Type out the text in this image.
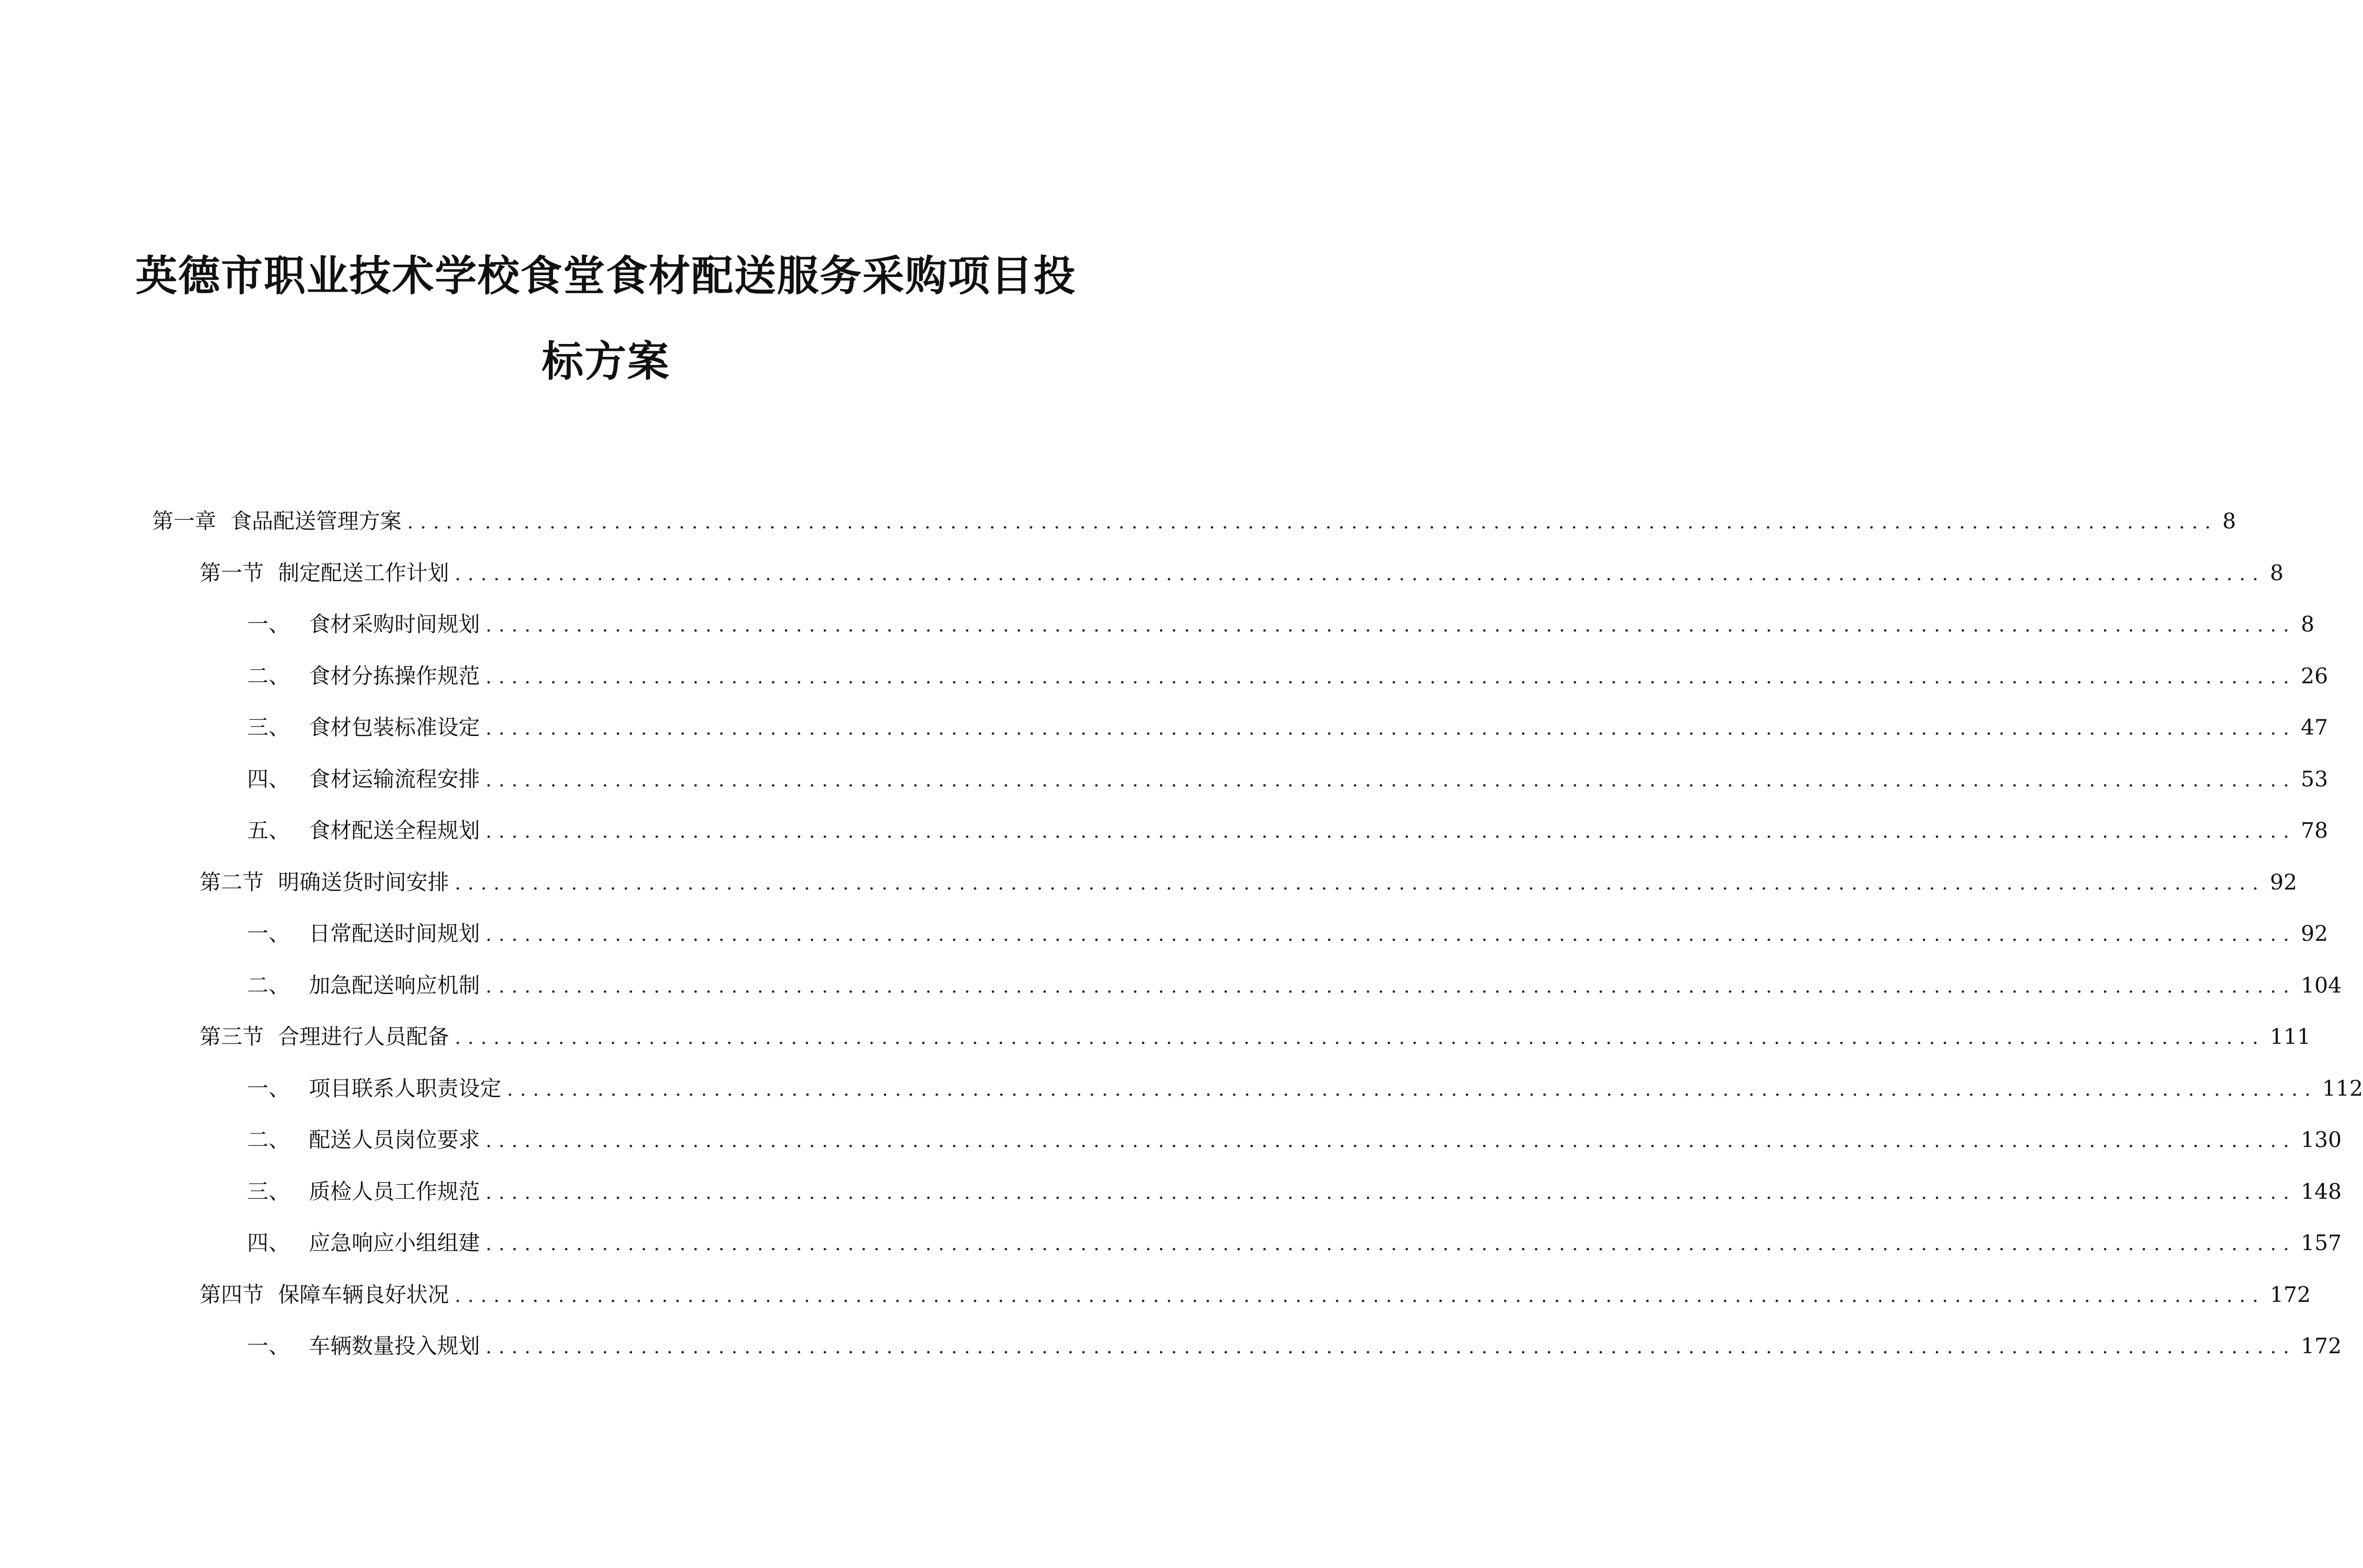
英德市职业技术学校食堂食材配送服务采购项目投
标方案
第一章 食品配送管理方案 ............................................................................................................................................ 8
第一节 制定配送工作计划 ............................................................................................................................................ 8
一、 食材采购时间规划 ............................................................................................................................................ 8
二、 食材分拣操作规范 ............................................................................................................................................ 26
三、 食材包装标准设定 ............................................................................................................................................ 47
四、 食材运输流程安排 ............................................................................................................................................ 53
五、 食材配送全程规划 ............................................................................................................................................ 78
第二节 明确送货时间安排 ............................................................................................................................................ 92
一、 日常配送时间规划 ............................................................................................................................................ 92
二、 加急配送响应机制 ............................................................................................................................................ 104
第三节 合理进行人员配备 ............................................................................................................................................ 111
一、 项目联系人职责设定 ............................................................................................................................................ 112
二、 配送人员岗位要求 ............................................................................................................................................ 130
三、 质检人员工作规范 ............................................................................................................................................ 148
四、 应急响应小组组建 ............................................................................................................................................ 157
第四节 保障车辆良好状况 ............................................................................................................................................ 172
一、 车辆数量投入规划 ............................................................................................................................................ 172
